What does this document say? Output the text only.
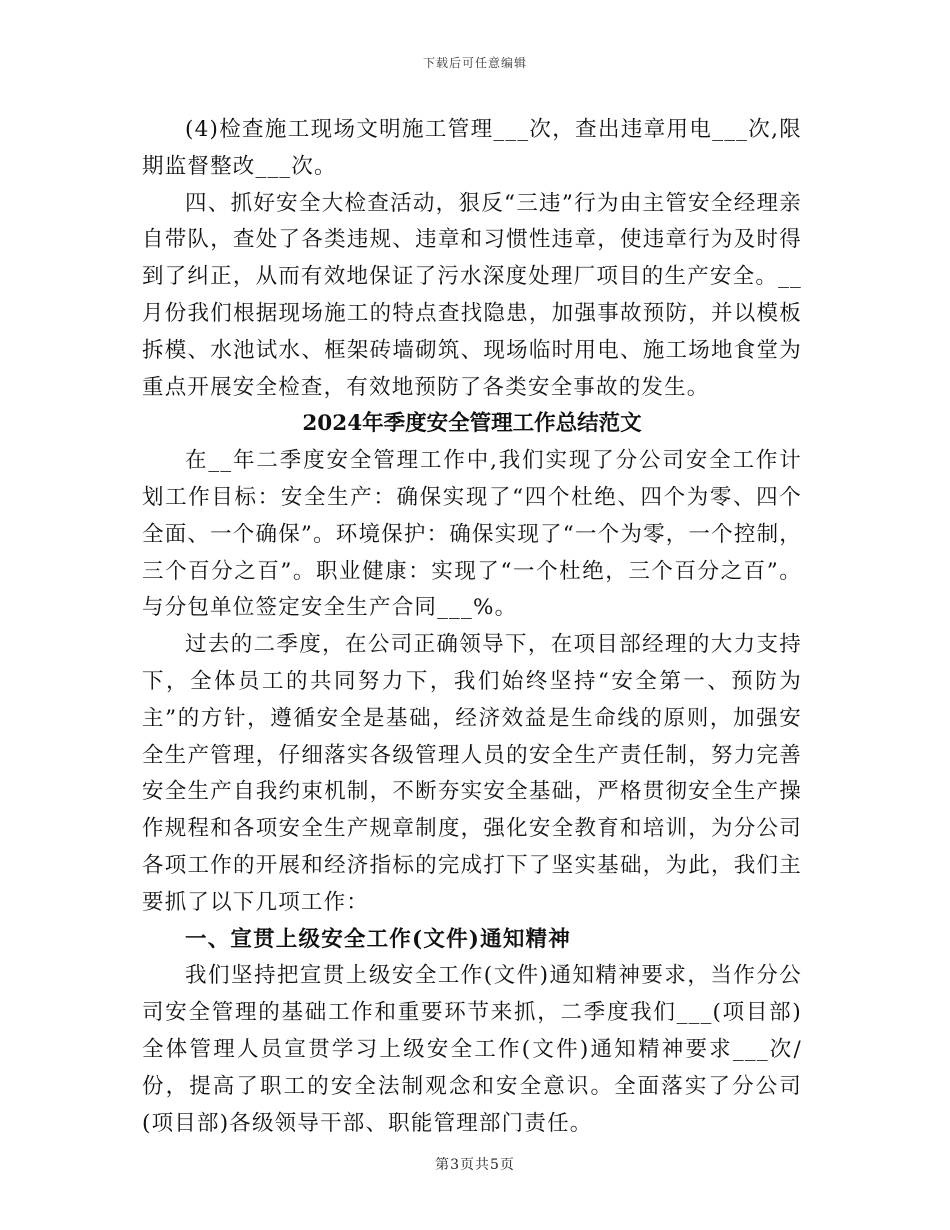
下载后可任意编辑

(4)检查施工现场文明施工管理___次，查出违章用电___次,限期监督整改___次。

四、抓好安全大检查活动，狠反“三违”行为由主管安全经理亲自带队，查处了各类违规、违章和习惯性违章，使违章行为及时得到了纠正，从而有效地保证了污水深度处理厂项目的生产安全。__月份我们根据现场施工的特点查找隐患，加强事故预防，并以模板拆模、水池试水、框架砖墙砌筑、现场临时用电、施工场地食堂为重点开展安全检查，有效地预防了各类安全事故的发生。

2024年季度安全管理工作总结范文

在__年二季度安全管理工作中,我们实现了分公司安全工作计划工作目标：安全生产：确保实现了“四个杜绝、四个为零、四个全面、一个确保”。环境保护：确保实现了“一个为零，一个控制，三个百分之百”。职业健康：实现了“一个杜绝，三个百分之百”。与分包单位签定安全生产合同___%。

过去的二季度，在公司正确领导下，在项目部经理的大力支持下，全体员工的共同努力下，我们始终坚持“安全第一、预防为主”的方针，遵循安全是基础，经济效益是生命线的原则，加强安全生产管理，仔细落实各级管理人员的安全生产责任制，努力完善安全生产自我约束机制，不断夯实安全基础，严格贯彻安全生产操作规程和各项安全生产规章制度，强化安全教育和培训，为分公司各项工作的开展和经济指标的完成打下了坚实基础，为此，我们主要抓了以下几项工作：

一、宣贯上级安全工作(文件)通知精神

我们坚持把宣贯上级安全工作(文件)通知精神要求，当作分公司安全管理的基础工作和重要环节来抓，二季度我们___(项目部)全体管理人员宣贯学习上级安全工作(文件)通知精神要求___次/份，提高了职工的安全法制观念和安全意识。全面落实了分公司(项目部)各级领导干部、职能管理部门责任。

第3页共5页
